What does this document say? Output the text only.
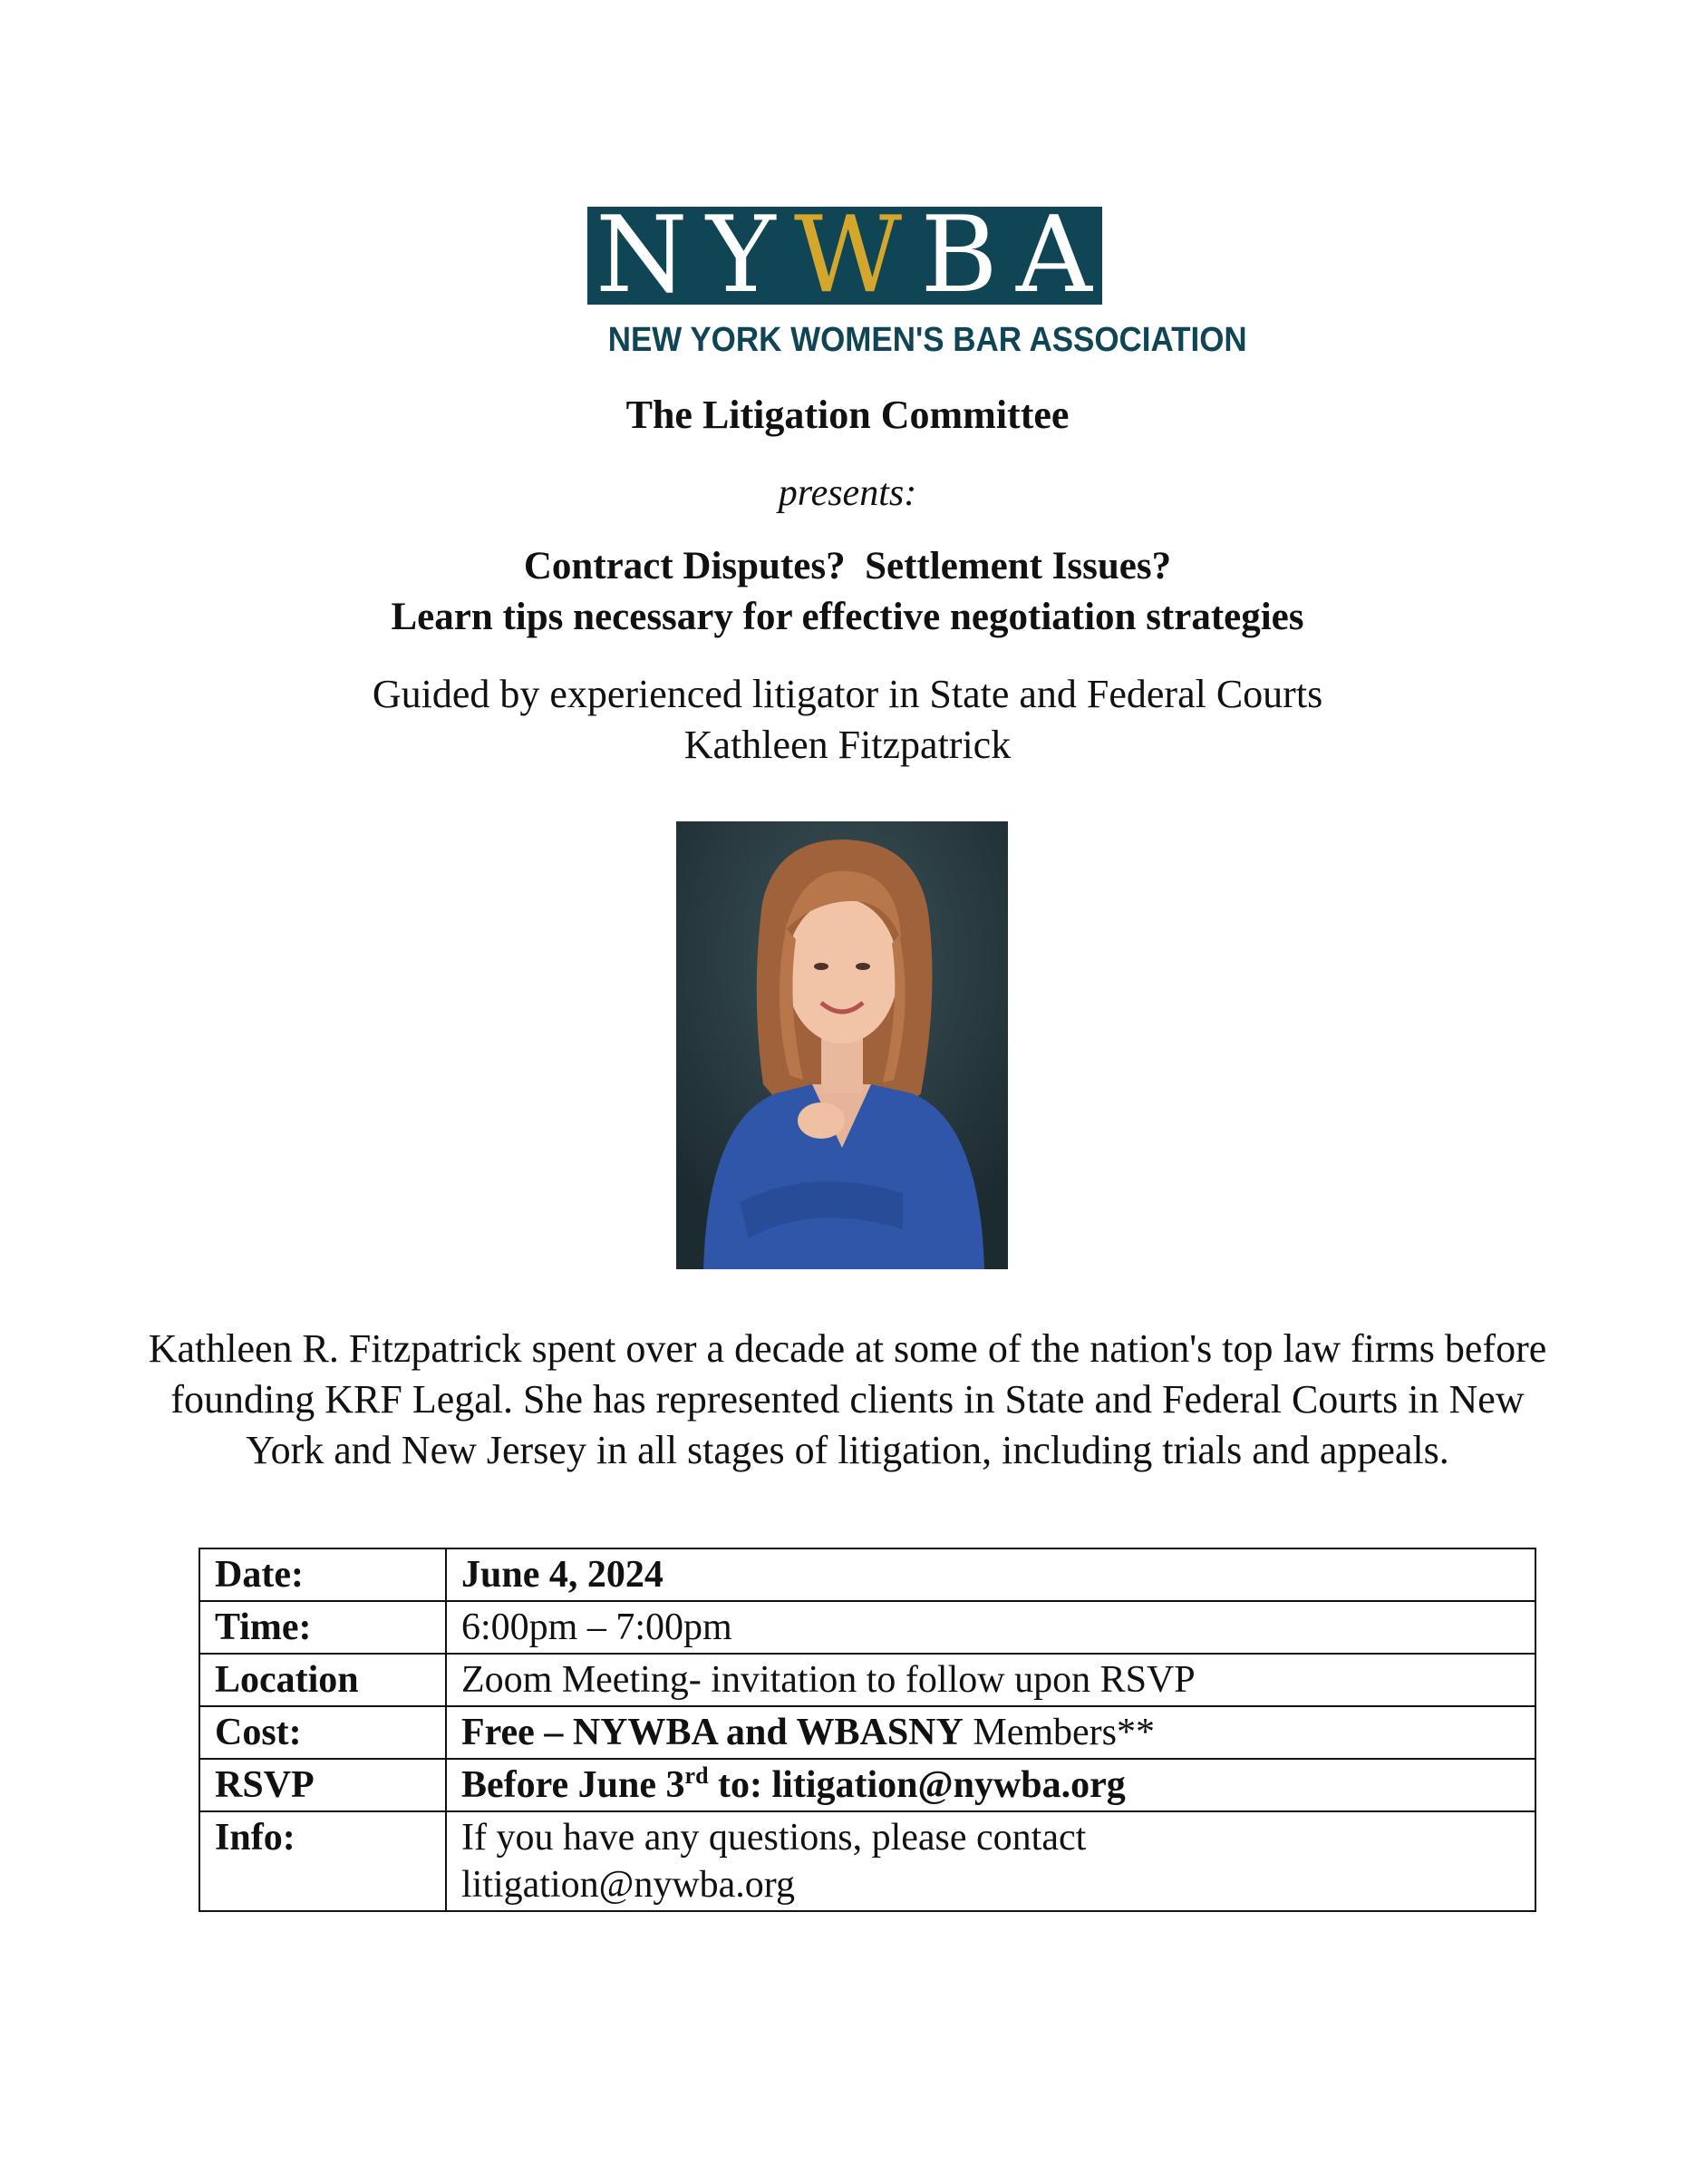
N Y W B A
NEW YORK WOMEN'S BAR ASSOCIATION
The Litigation Committee
presents:
Contract Disputes?  Settlement Issues?
Learn tips necessary for effective negotiation strategies
Guided by experienced litigator in State and Federal Courts
Kathleen Fitzpatrick
Kathleen R. Fitzpatrick spent over a decade at some of the nation's top law firms before founding KRF Legal. She has represented clients in State and Federal Courts in New York and New Jersey in all stages of litigation, including trials and appeals.
Date:	June 4, 2024
Time:	6:00pm – 7:00pm
Location	Zoom Meeting- invitation to follow upon RSVP
Cost:	Free – NYWBA and WBASNY Members**
RSVP	Before June 3rd to: litigation@nywba.org
Info:	If you have any questions, please contact
litigation@nywba.org
